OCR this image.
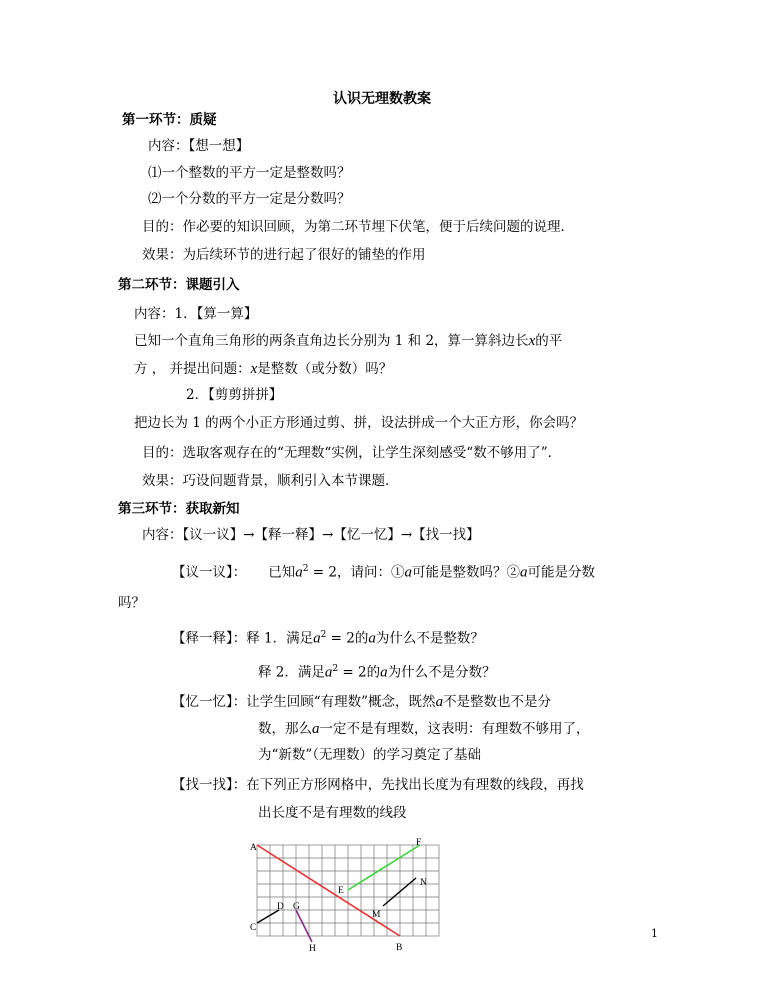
认识无理数教案
第一环节：质疑
内容：【想一想】
⑴一个整数的平方一定是整数吗？
⑵一个分数的平方一定是分数吗？
目的：作必要的知识回顾，为第二环节埋下伏笔，便于后续问题的说理．
效果：为后续环节的进行起了很好的铺垫的作用
第二环节：课题引入
内容：1．【算一算】
已知一个直角三角形的两条直角边长分别为 1 和 2，算一算斜边长x的平
方 ， 并提出问题：x是整数（或分数）吗？
2．【剪剪拼拼】
把边长为 1 的两个小正方形通过剪、拼，设法拼成一个大正方形，你会吗？
目的：选取客观存在的“无理数“实例，让学生深刻感受“数不够用了”．
效果：巧设问题背景，顺利引入本节课题．
第三环节：获取新知
内容：【议一议】→【释一释】→【忆一忆】→【找一找】
【议一议】： 已知$a^2 = 2$，请问：①a可能是整数吗？②a可能是分数
吗？
【释一释】：释 1．满足$a^2 = 2$的a为什么不是整数？
释 2．满足$a^2 = 2$的a为什么不是分数？
【忆一忆】：让学生回顾“有理数”概念，既然a不是整数也不是分
数，那么a一定不是有理数，这表明：有理数不够用了，
为“新数”（无理数）的学习奠定了基础
【找一找】：在下列正方形网格中，先找出长度为有理数的线段，再找
出长度不是有理数的线段
A
B
C
D
E
F
G
H
M
N
1
